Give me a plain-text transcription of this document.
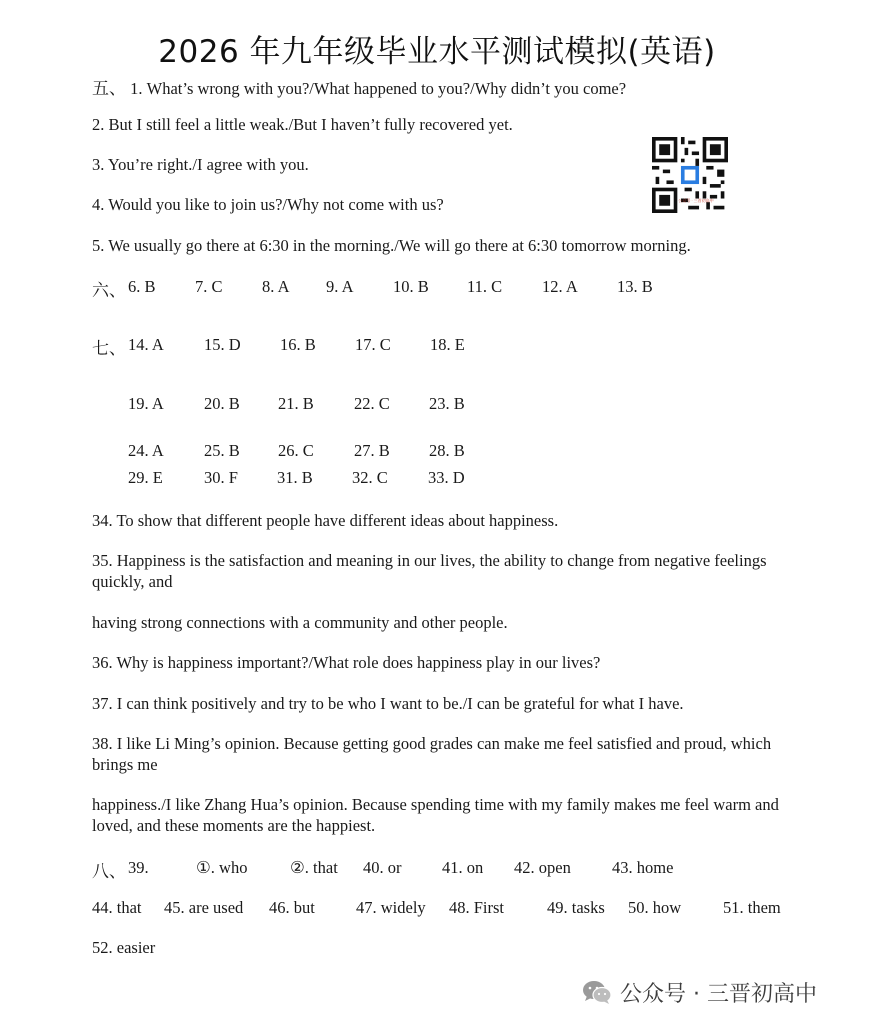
2026 年九年级毕业水平测试模拟(英语)
五、 1. What’s wrong with you?/What happened to you?/Why didn’t you come?
2. But I still feel a little weak./But I haven’t fully recovered yet.
3. You’re right./I agree with you.
4. Would you like to join us?/Why not come with us?
5. We usually go there at 6:30 in the morning./We will go there at 6:30 tomorrow morning.
公众号 · 三晋初高中
六、 6. B 7. C 8. A 9. A 10. B 11. C 12. A 13. B
七、 14. A 15. D 16. B 17. C 18. E
19. A 20. B 21. B 22. C 23. B
24. A 25. B 26. C 27. B 28. B
29. E 30. F 31. B 32. C 33. D
34. To show that different people have different ideas about happiness.
35. Happiness is the satisfaction and meaning in our lives, the ability to change from negative feelings quickly, and
having strong connections with a community and other people.
36. Why is happiness important?/What role does happiness play in our lives?
37. I can think positively and try to be who I want to be./I can be grateful for what I have.
38. I like Li Ming’s opinion. Because getting good grades can make me feel satisfied and proud, which brings me
happiness./I like Zhang Hua’s opinion. Because spending time with my family makes me feel warm and loved, and these moments are the happiest.
八、 39.	①. who	②. that 40. or 41. on 42. open 43. home
44. that 45. are used 46. but 47. widely 48. First	49. tasks 50. how	51. them
52. easier
公众号 · 三晋初高中
